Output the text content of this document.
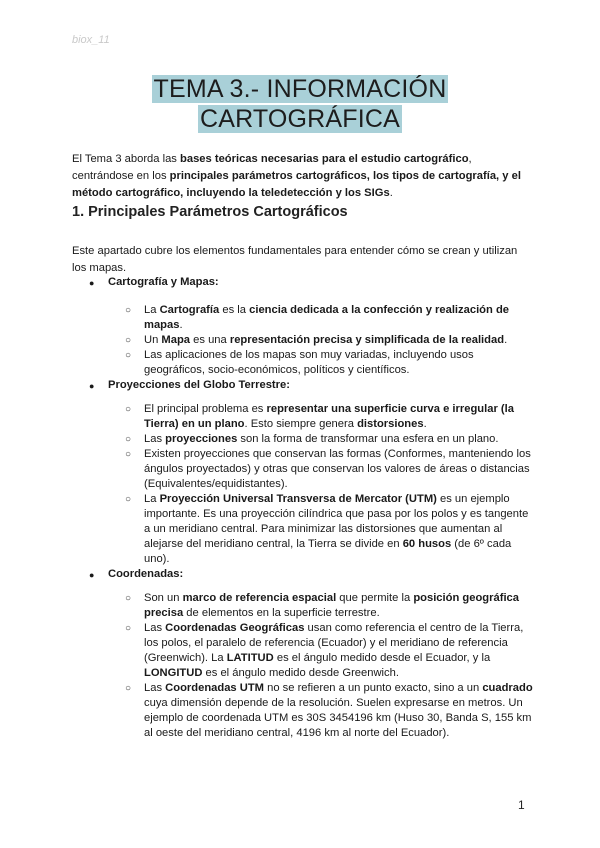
biox_11
TEMA 3.- INFORMACIÓN
CARTOGRÁFICA

El Tema 3 aborda las bases teóricas necesarias para el estudio cartográfico, centrándose en los principales parámetros cartográficos, los tipos de cartografía, y el método cartográfico, incluyendo la teledetección y los SIGs.

1. Principales Parámetros Cartográficos

Este apartado cubre los elementos fundamentales para entender cómo se crean y utilizan los mapas.

● Cartografía y Mapas:
○ La Cartografía es la ciencia dedicada a la confección y realización de mapas.
○ Un Mapa es una representación precisa y simplificada de la realidad.
○ Las aplicaciones de los mapas son muy variadas, incluyendo usos geográficos, socio-económicos, políticos y científicos.
● Proyecciones del Globo Terrestre:
○ El principal problema es representar una superficie curva e irregular (la Tierra) en un plano. Esto siempre genera distorsiones.
○ Las proyecciones son la forma de transformar una esfera en un plano.
○ Existen proyecciones que conservan las formas (Conformes, manteniendo los ángulos proyectados) y otras que conservan los valores de áreas o distancias (Equivalentes/equidistantes).
○ La Proyección Universal Transversa de Mercator (UTM) es un ejemplo importante. Es una proyección cilíndrica que pasa por los polos y es tangente a un meridiano central. Para minimizar las distorsiones que aumentan al alejarse del meridiano central, la Tierra se divide en 60 husos (de 6º cada uno).
● Coordenadas:
○ Son un marco de referencia espacial que permite la posición geográfica precisa de elementos en la superficie terrestre.
○ Las Coordenadas Geográficas usan como referencia el centro de la Tierra, los polos, el paralelo de referencia (Ecuador) y el meridiano de referencia (Greenwich). La LATITUD es el ángulo medido desde el Ecuador, y la LONGITUD es el ángulo medido desde Greenwich.
○ Las Coordenadas UTM no se refieren a un punto exacto, sino a un cuadrado cuya dimensión depende de la resolución. Suelen expresarse en metros. Un ejemplo de coordenada UTM es 30S 3454196 km (Huso 30, Banda S, 155 km al oeste del meridiano central, 4196 km al norte del Ecuador).
1
